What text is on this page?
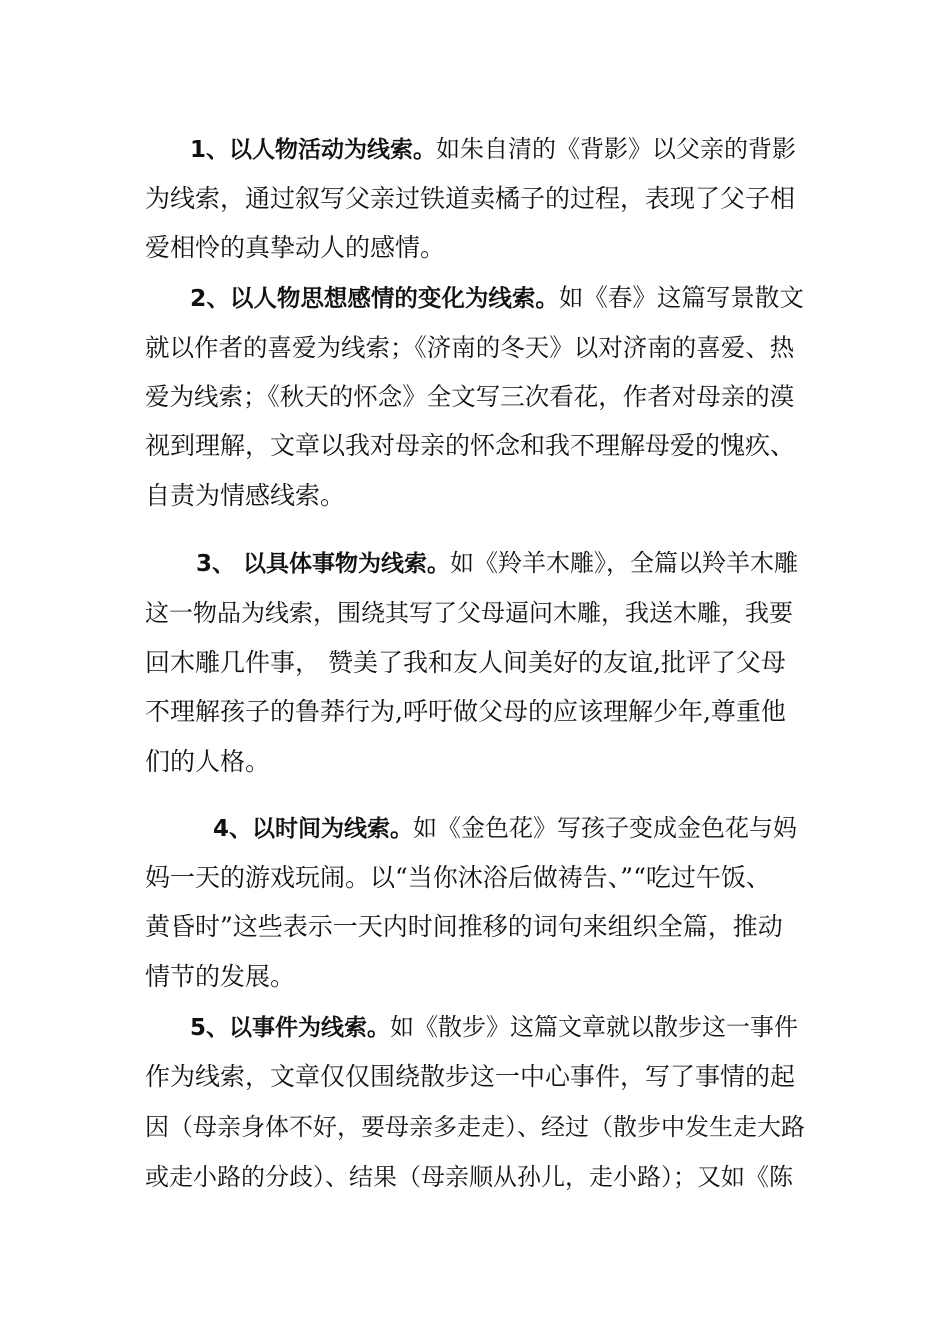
1、以人物活动为线索。如朱自清的《背影》以父亲的背影
为线索，通过叙写父亲过铁道卖橘子的过程，表现了父子相
爱相怜的真挚动人的感情。
2、以人物思想感情的变化为线索。如《春》这篇写景散文
就以作者的喜爱为线索；《济南的冬天》以对济南的喜爱、热
爱为线索；《秋天的怀念》全文写三次看花，作者对母亲的漠
视到理解，文章以我对母亲的怀念和我不理解母爱的愧疚、
自责为情感线索。
3、 以具体事物为线索。如《羚羊木雕》，全篇以羚羊木雕
这一物品为线索，围绕其写了父母逼问木雕，我送木雕，我要
回木雕几件事， 赞美了我和友人间美好的友谊,批评了父母
不理解孩子的鲁莽行为,呼吁做父母的应该理解少年,尊重他
们的人格。
4、以时间为线索。如《金色花》写孩子变成金色花与妈
妈一天的游戏玩闹。以“当你沐浴后做祷告、”“吃过午饭、
黄昏时”这些表示一天内时间推移的词句来组织全篇，推动
情节的发展。
5、以事件为线索。如《散步》这篇文章就以散步这一事件
作为线索，文章仅仅围绕散步这一中心事件，写了事情的起
因（母亲身体不好，要母亲多走走）、经过（散步中发生走大路
或走小路的分歧）、结果（母亲顺从孙儿，走小路）；又如《陈
